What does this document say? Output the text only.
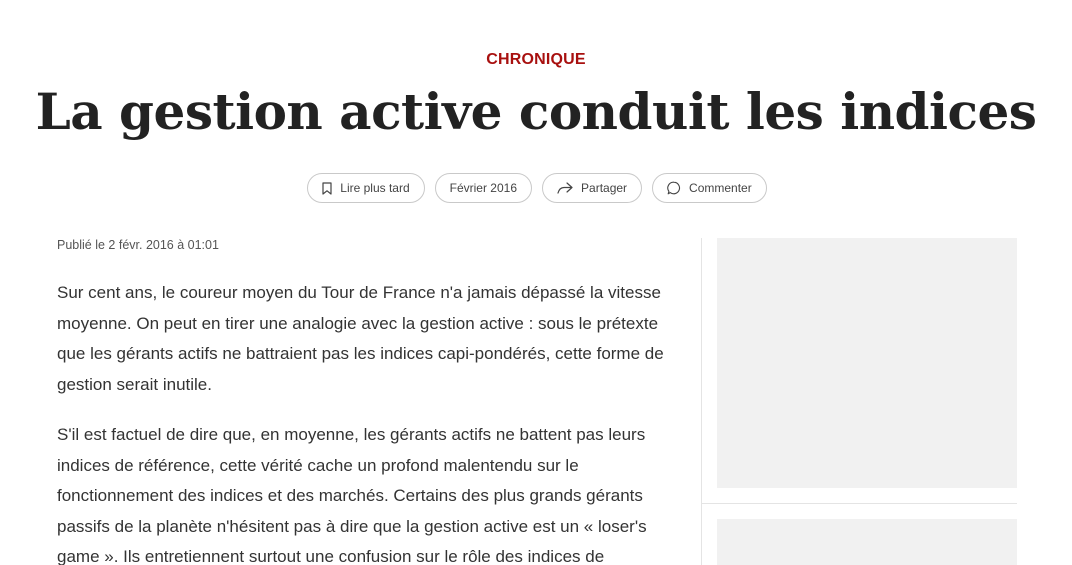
CHRONIQUE
La gestion active conduit les indices
Lire plus tard	Février 2016	Partager	Commenter
Publié le 2 févr. 2016 à 01:01

Sur cent ans, le coureur moyen du Tour de France n'a jamais dépassé la vitesse moyenne. On peut en tirer une analogie avec la gestion active : sous le prétexte que les gérants actifs ne battraient pas les indices capi-pondérés, cette forme de gestion serait inutile.

S'il est factuel de dire que, en moyenne, les gérants actifs ne battent pas leurs indices de référence, cette vérité cache un profond malentendu sur le fonctionnement des indices et des marchés. Certains des plus grands gérants passifs de la planète n'hésitent pas à dire que la gestion active est un « loser's game ». Ils entretiennent surtout une confusion sur le rôle des indices de
